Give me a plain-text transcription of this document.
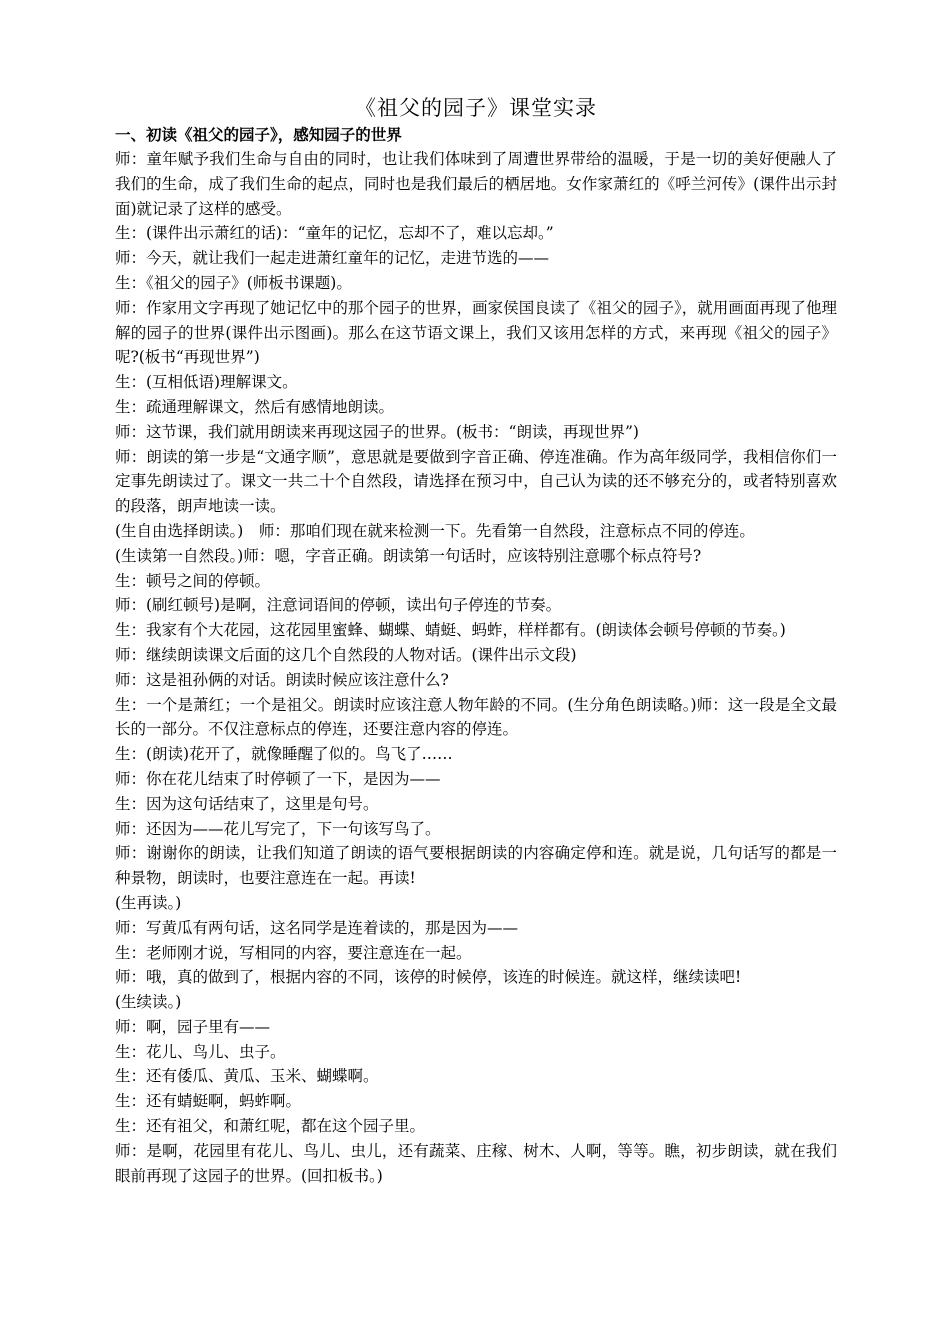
《祖父的园子》课堂实录
一、初读《祖父的园子》，感知园子的世界

师：童年赋予我们生命与自由的同时，也让我们体味到了周遭世界带给的温暖，于是一切的美好便融人了我们的生命，成了我们生命的起点，同时也是我们最后的栖居地。女作家萧红的《呼兰河传》(课件出示封面)就记录了这样的感受。

生：(课件出示萧红的话)：“童年的记忆，忘却不了，难以忘却。”

师：今天，就让我们一起走进萧红童年的记忆，走进节选的——

生：《祖父的园子》(师板书课题)。

师：作家用文字再现了她记忆中的那个园子的世界，画家侯国良读了《祖父的园子》，就用画面再现了他理解的园子的世界(课件出示图画)。那么在这节语文课上，我们又该用怎样的方式，来再现《祖父的园子》呢?(板书“再现世界”)

生：(互相低语)理解课文。

生：疏通理解课文，然后有感情地朗读。

师：这节课，我们就用朗读来再现这园子的世界。(板书：“朗读，再现世界”)

师：朗读的第一步是“文通字顺”，意思就是要做到字音正确、停连准确。作为高年级同学，我相信你们一定事先朗读过了。课文一共二十个自然段，请选择在预习中，自己认为读的还不够充分的，或者特别喜欢的段落，朗声地读一读。

(生自由选择朗读。)　师：那咱们现在就来检测一下。先看第一自然段，注意标点不同的停连。

(生读第一自然段。)师：嗯，字音正确。朗读第一句话时，应该特别注意哪个标点符号?

生：顿号之间的停顿。

师：(刷红顿号)是啊，注意词语间的停顿，读出句子停连的节奏。

生：我家有个大花园，这花园里蜜蜂、蝴蝶、蜻蜓、蚂蚱，样样都有。(朗读体会顿号停顿的节奏。)

师：继续朗读课文后面的这几个自然段的人物对话。(课件出示文段)

师：这是祖孙俩的对话。朗读时候应该注意什么?

生：一个是萧红；一个是祖父。朗读时应该注意人物年龄的不同。(生分角色朗读略。)师：这一段是全文最长的一部分。不仅注意标点的停连，还要注意内容的停连。

生：(朗读)花开了，就像睡醒了似的。鸟飞了……

师：你在花儿结束了时停顿了一下，是因为——

生：因为这句话结束了，这里是句号。

师：还因为——花儿写完了，下一句该写鸟了。

师：谢谢你的朗读，让我们知道了朗读的语气要根据朗读的内容确定停和连。就是说，几句话写的都是一种景物，朗读时，也要注意连在一起。再读!

(生再读。)

师：写黄瓜有两句话，这名同学是连着读的，那是因为——

生：老师刚才说，写相同的内容，要注意连在一起。

师：哦，真的做到了，根据内容的不同，该停的时候停，该连的时候连。就这样，继续读吧!

(生续读。)

师：啊，园子里有——

生：花儿、鸟儿、虫子。

生：还有倭瓜、黄瓜、玉米、蝴蝶啊。

生：还有蜻蜓啊，蚂蚱啊。

生：还有祖父，和萧红呢，都在这个园子里。

师：是啊，花园里有花儿、鸟儿、虫儿，还有蔬菜、庄稼、树木、人啊，等等。瞧，初步朗读，就在我们眼前再现了这园子的世界。(回扣板书。)
